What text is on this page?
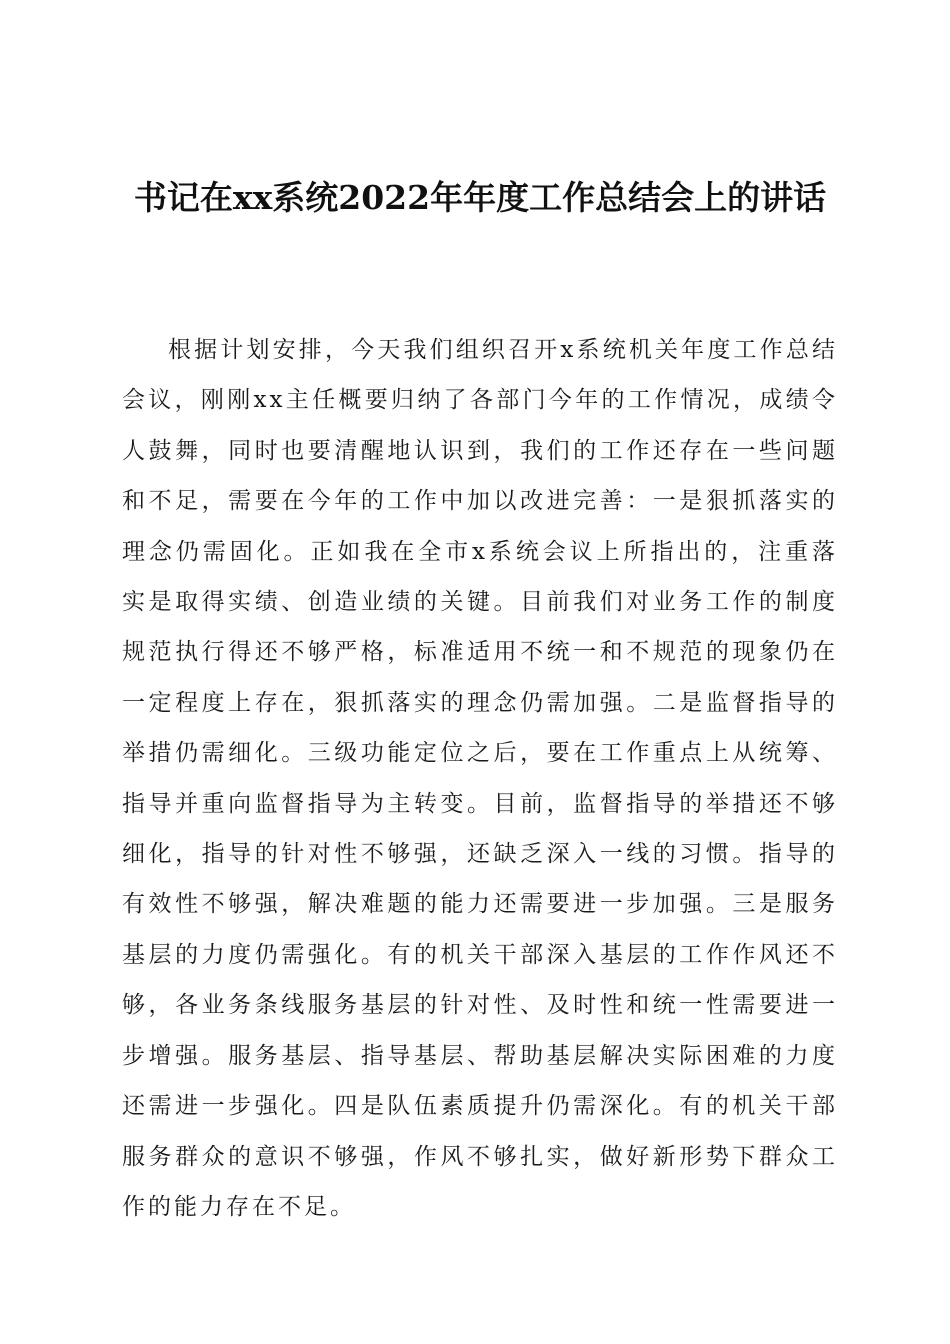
书记在xx系统2022年年度工作总结会上的讲话

根据计划安排，今天我们组织召开x系统机关年度工作总结会议，刚刚xx主任概要归纳了各部门今年的工作情况，成绩令人鼓舞，同时也要清醒地认识到，我们的工作还存在一些问题和不足，需要在今年的工作中加以改进完善：一是狠抓落实的理念仍需固化。正如我在全市x系统会议上所指出的，注重落实是取得实绩、创造业绩的关键。目前我们对业务工作的制度规范执行得还不够严格，标准适用不统一和不规范的现象仍在一定程度上存在，狠抓落实的理念仍需加强。二是监督指导的举措仍需细化。三级功能定位之后，要在工作重点上从统筹、指导并重向监督指导为主转变。目前，监督指导的举措还不够细化，指导的针对性不够强，还缺乏深入一线的习惯。指导的有效性不够强，解决难题的能力还需要进一步加强。三是服务基层的力度仍需强化。有的机关干部深入基层的工作作风还不够，各业务条线服务基层的针对性、及时性和统一性需要进一步增强。服务基层、指导基层、帮助基层解决实际困难的力度还需进一步强化。四是队伍素质提升仍需深化。有的机关干部服务群众的意识不够强，作风不够扎实，做好新形势下群众工作的能力存在不足。
